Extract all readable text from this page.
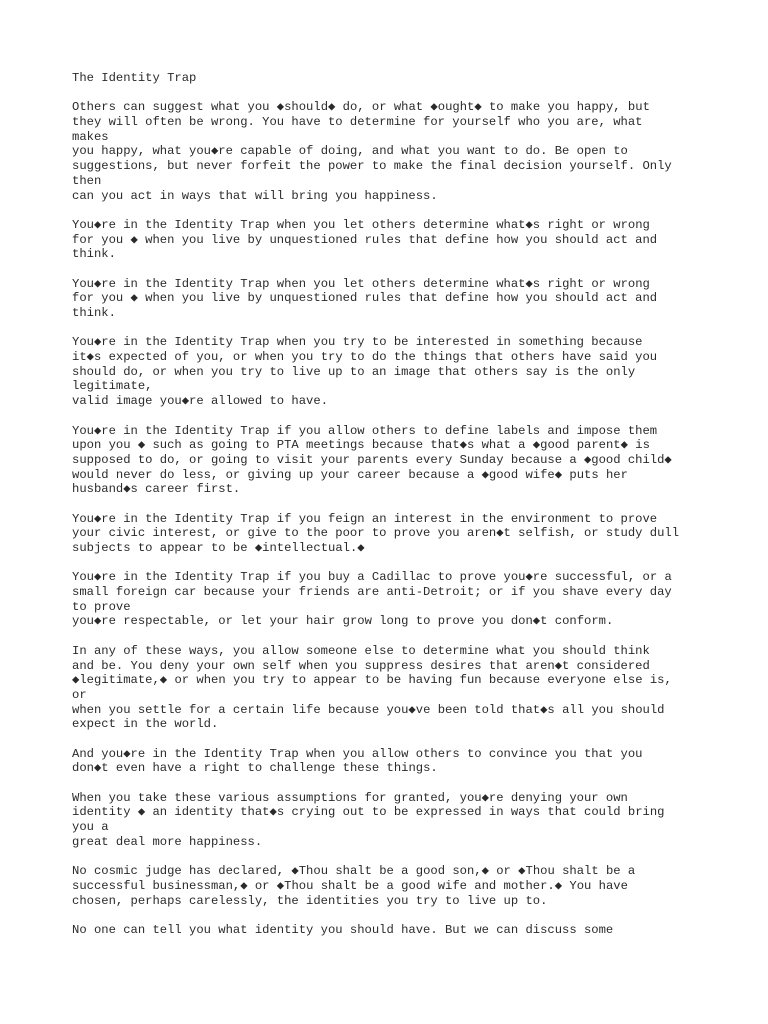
The Identity Trap
Others can suggest what you ◆should◆ do, or what ◆ought◆ to make you happy, but
they will often be wrong. You have to determine for yourself who you are, what
makes
you happy, what you◆re capable of doing, and what you want to do. Be open to
suggestions, but never forfeit the power to make the final decision yourself. Only
then
can you act in ways that will bring you happiness.
You◆re in the Identity Trap when you let others determine what◆s right or wrong
for you ◆ when you live by unquestioned rules that define how you should act and
think.
You◆re in the Identity Trap when you let others determine what◆s right or wrong
for you ◆ when you live by unquestioned rules that define how you should act and
think.
You◆re in the Identity Trap when you try to be interested in something because
it◆s expected of you, or when you try to do the things that others have said you
should do, or when you try to live up to an image that others say is the only
legitimate,
valid image you◆re allowed to have.
You◆re in the Identity Trap if you allow others to define labels and impose them
upon you ◆ such as going to PTA meetings because that◆s what a ◆good parent◆ is
supposed to do, or going to visit your parents every Sunday because a ◆good child◆
would never do less, or giving up your career because a ◆good wife◆ puts her
husband◆s career first.
You◆re in the Identity Trap if you feign an interest in the environment to prove
your civic interest, or give to the poor to prove you aren◆t selfish, or study dull
subjects to appear to be ◆intellectual.◆
You◆re in the Identity Trap if you buy a Cadillac to prove you◆re successful, or a
small foreign car because your friends are anti-Detroit; or if you shave every day
to prove
you◆re respectable, or let your hair grow long to prove you don◆t conform.
In any of these ways, you allow someone else to determine what you should think
and be. You deny your own self when you suppress desires that aren◆t considered
◆legitimate,◆ or when you try to appear to be having fun because everyone else is,
or
when you settle for a certain life because you◆ve been told that◆s all you should
expect in the world.
And you◆re in the Identity Trap when you allow others to convince you that you
don◆t even have a right to challenge these things.
When you take these various assumptions for granted, you◆re denying your own
identity ◆ an identity that◆s crying out to be expressed in ways that could bring
you a
great deal more happiness.
No cosmic judge has declared, ◆Thou shalt be a good son,◆ or ◆Thou shalt be a
successful businessman,◆ or ◆Thou shalt be a good wife and mother.◆ You have
chosen, perhaps carelessly, the identities you try to live up to.
No one can tell you what identity you should have. But we can discuss some
